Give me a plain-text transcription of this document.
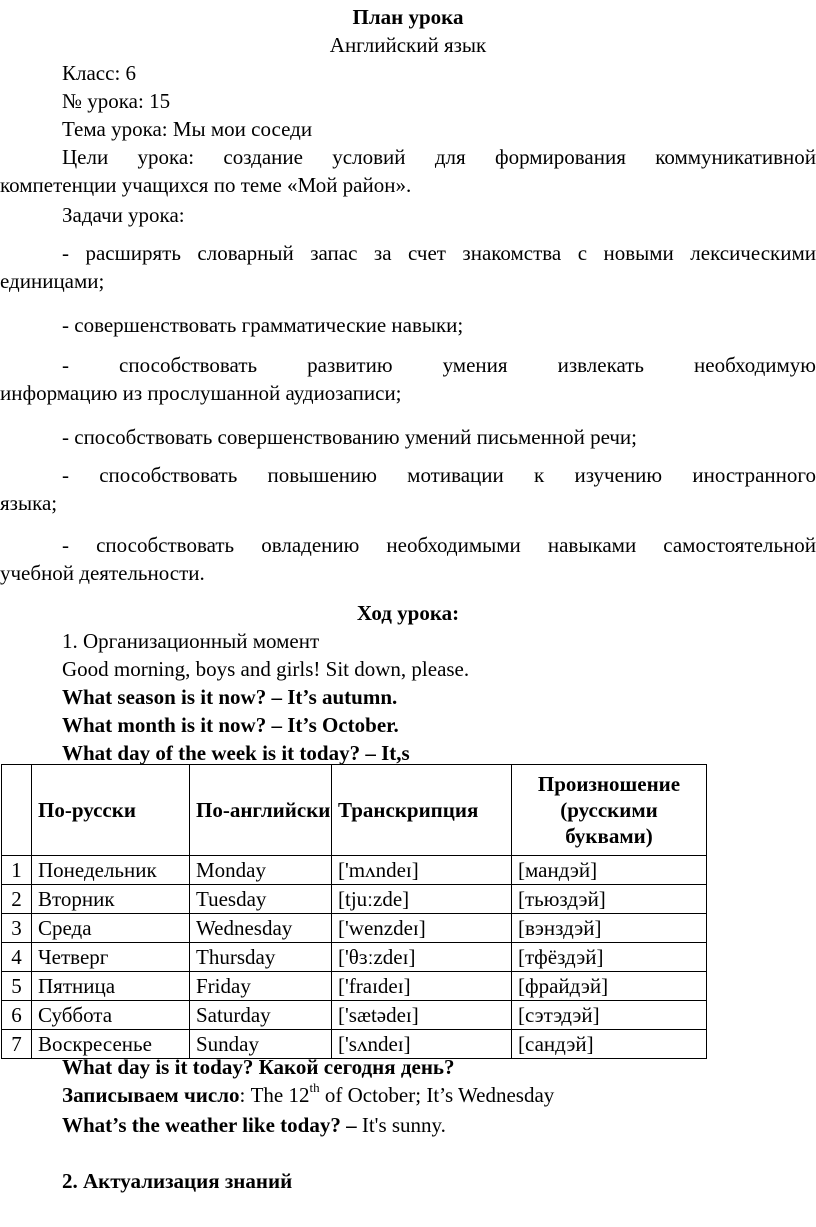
План урока
Английский язык
Класс: 6
№ урока: 15
Тема урока: Мы мои соседи
Цели урока: создание условий для формирования коммуникативной
компетенции учащихся по теме «Мой район».
Задачи урока:
- расширять словарный запас за счет знакомства с новыми лексическими
единицами;
- совершенствовать грамматические навыки;
- способствовать развитию умения извлекать необходимую
информацию из прослушанной аудиозаписи;
- способствовать совершенствованию умений письменной речи;
- способствовать повышению мотивации к изучению иностранного
языка;
- способствовать овладению необходимыми навыками самостоятельной
учебной деятельности.
Ход урока:
1. Организационный момент
Good morning, boys and girls! Sit down, please.
What season is it now? – It’s autumn.
What month is it now? – It’s October.
What day of the week is it today? – It,s
	По-русски	По-английски	Транскрипция	Произношение (русскими буквами)
1	Понедельник	Monday	['mʌndeɪ]	[мандэй]
2	Вторник	Tuesday	[tjuːzde]	[тьюздэй]
3	Среда	Wednesday	['wenzdeɪ]	[вэнздэй]
4	Четверг	Thursday	['θɜːzdeɪ]	[тфёздэй]
5	Пятница	Friday	['fraɪdeɪ]	[фрайдэй]
6	Суббота	Saturday	['sætədeɪ]	[сэтэдэй]
7	Воскресенье	Sunday	['sʌndeɪ]	[сандэй]
What day is it today? Какой сегодня день?
Записываем число: The 12th of October; It’s Wednesday
What’s the weather like today? – It's sunny.
2. Актуализация знаний
